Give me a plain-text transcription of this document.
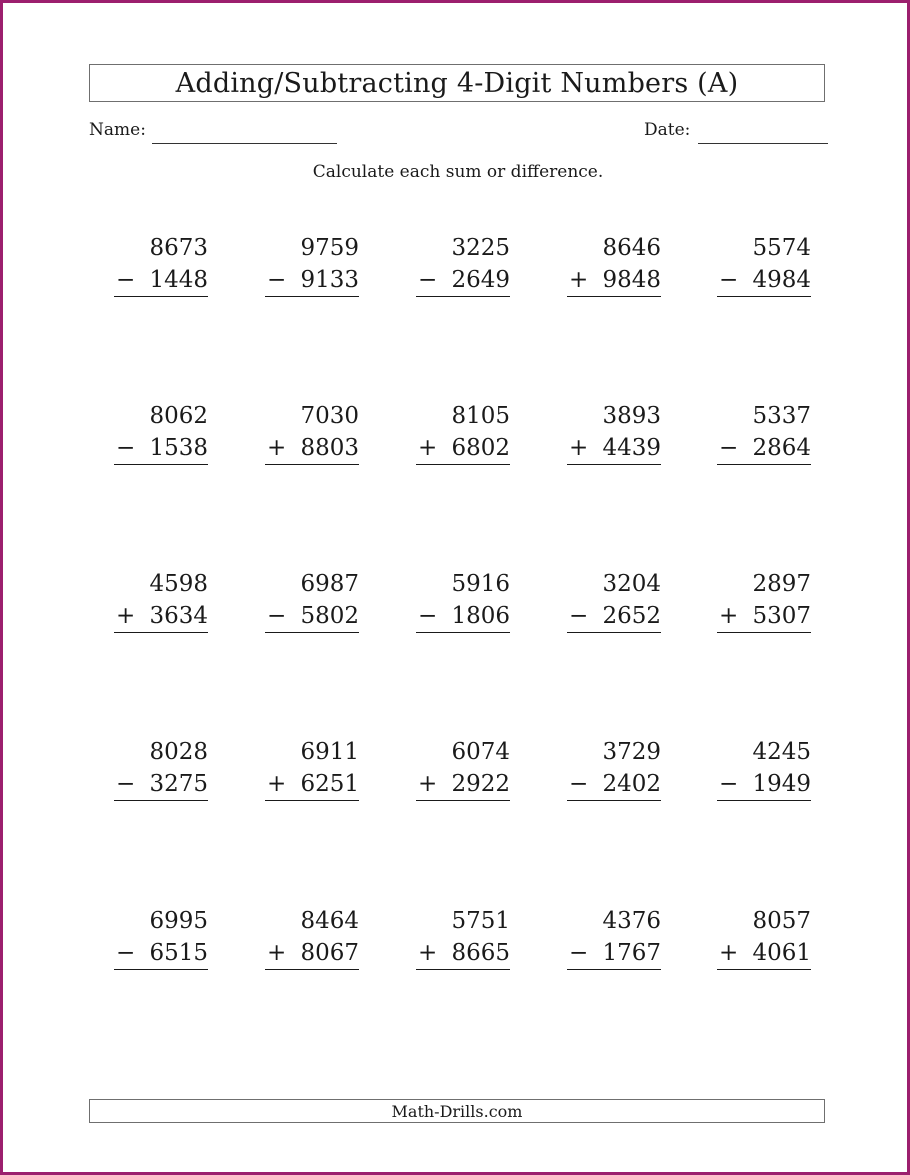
Adding/Subtracting 4-Digit Numbers (A)
Name:	Date:
Calculate each sum or difference.
8673
− 1448
9759
− 9133
3225
− 2649
8646
+ 9848
5574
− 4984
8062
− 1538
7030
+ 8803
8105
+ 6802
3893
+ 4439
5337
− 2864
4598
+ 3634
6987
− 5802
5916
− 1806
3204
− 2652
2897
+ 5307
8028
− 3275
6911
+ 6251
6074
+ 2922
3729
− 2402
4245
− 1949
6995
− 6515
8464
+ 8067
5751
+ 8665
4376
− 1767
8057
+ 4061
Math-Drills.com
